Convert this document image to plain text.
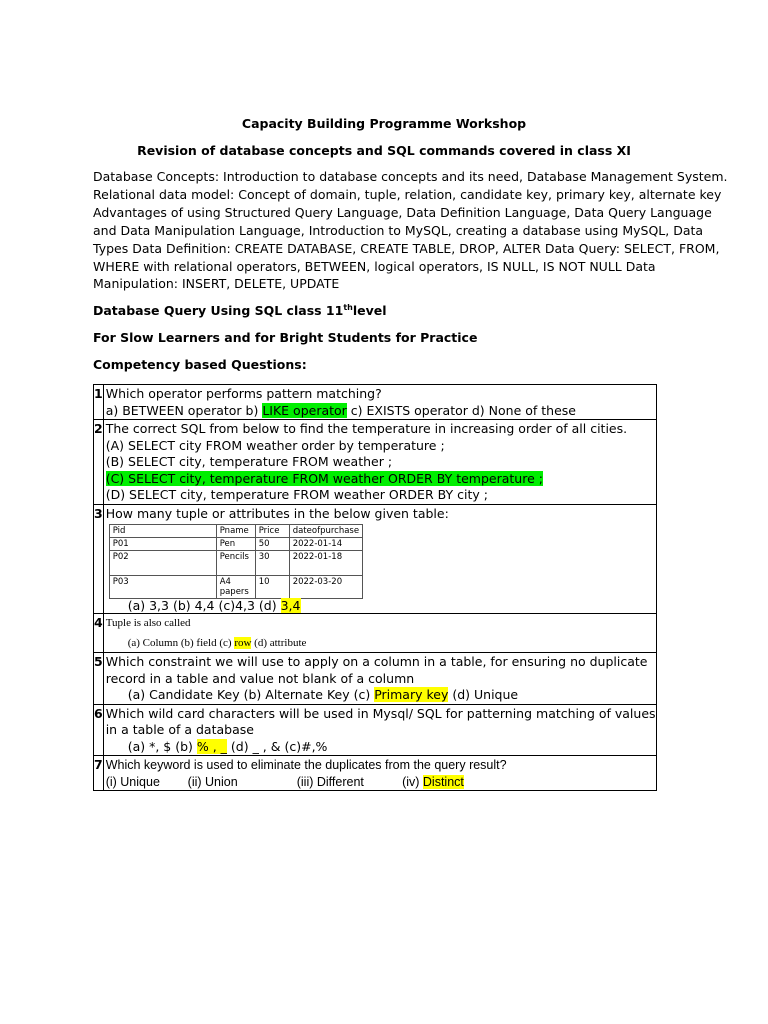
Capacity Building Programme Workshop
Revision of database concepts and SQL commands covered in class XI
Database Concepts: Introduction to database concepts and its need, Database Management System.
Relational data model: Concept of domain, tuple, relation, candidate key, primary key, alternate key
Advantages of using Structured Query Language, Data Definition Language, Data Query Language
and Data Manipulation Language, Introduction to MySQL, creating a database using MySQL, Data
Types Data Definition: CREATE DATABASE, CREATE TABLE, DROP, ALTER Data Query: SELECT, FROM,
WHERE with relational operators, BETWEEN, logical operators, IS NULL, IS NOT NULL Data
Manipulation: INSERT, DELETE, UPDATE
Database Query Using SQL class 11thlevel
For Slow Learners and for Bright Students for Practice
Competency based Questions:
1	Which operator performs pattern matching?
a) BETWEEN operator b) LIKE operator c) EXISTS operator d) None of these

2	The correct SQL from below to find the temperature in increasing order of all cities.
(A) SELECT city FROM weather order by temperature ;
(B) SELECT city, temperature FROM weather ;
(C) SELECT city, temperature FROM weather ORDER BY temperature ;
(D) SELECT city, temperature FROM weather ORDER BY city ;

3	How many tuple or attributes in the below given table:
Pid	Pname	Price	dateofpurchase
P01	Pen	50	2022-01-14
P02	Pencils	30	2022-01-18
P03	A4 papers	10	2022-03-20
(a) 3,3 (b) 4,4 (c)4,3 (d) 3,4

4	Tuple is also called
(a) Column (b) field (c) row (d) attribute

5	Which constraint we will use to apply on a column in a table, for ensuring no duplicate
record in a table and value not blank of a column
(a) Candidate Key (b) Alternate Key (c) Primary key (d) Unique

6	Which wild card characters will be used in Mysql/ SQL for patterning matching of values
in a table of a database
(a) *, $ (b) % , _ (d) _ , & (c)#,%

7	Which keyword is used to eliminate the duplicates from the query result?
(i) Unique        (ii) Union                 (iii) Different           (iv) Distinct
